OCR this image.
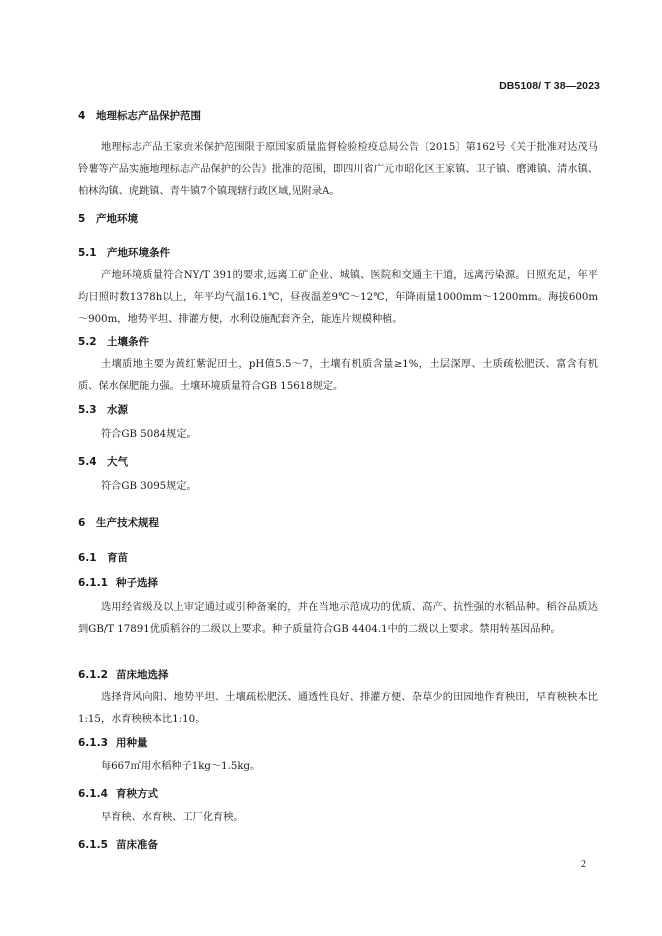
DB5108/ T 38—2023
4 地理标志产品保护范围

地理标志产品王家贡米保护范围限于原国家质量监督检验检疫总局公告〔2015〕第162号《关于批准对达茂马铃薯等产品实施地理标志产品保护的公告》批准的范围，即四川省广元市昭化区王家镇、卫子镇、磨滩镇、清水镇、柏林沟镇、虎跳镇、青牛镇7个镇现辖行政区域,见附录A。

5 产地环境
5.1 产地环境条件

产地环境质量符合NY/T 391的要求,远离工矿企业、城镇、医院和交通主干道，远离污染源。日照充足，年平均日照时数1378h以上，年平均气温16.1℃，昼夜温差9℃～12℃，年降雨量1000mm～1200mm。海拔600m～900m，地势平坦、排灌方便，水利设施配套齐全，能连片规模种植。

5.2 土壤条件

土壤质地主要为黄红紫泥田土，pH值5.5～7，土壤有机质含量≥1%，土层深厚、土质疏松肥沃、富含有机质、保水保肥能力强。土壤环境质量符合GB 15618规定。

5.3 水源

符合GB 5084规定。

5.4 大气

符合GB 3095规定。

6 生产技术规程
6.1 育苗
6.1.1 种子选择

选用经省级及以上审定通过或引种备案的，并在当地示范成功的优质、高产、抗性强的水稻品种。稻谷品质达到GB/T 17891优质稻谷的二级以上要求。种子质量符合GB 4404.1中的二级以上要求。禁用转基因品种。

6.1.2 苗床地选择

选择背风向阳、地势平坦、土壤疏松肥沃、通透性良好、排灌方便、杂草少的田园地作育秧田，早育秧秧本比1:15，水育秧秧本比1:10。

6.1.3 用种量

每667㎡用水稻种子1kg～1.5kg。

6.1.4 育秧方式

早育秧、水育秧、工厂化育秧。

6.1.5 苗床准备
2
